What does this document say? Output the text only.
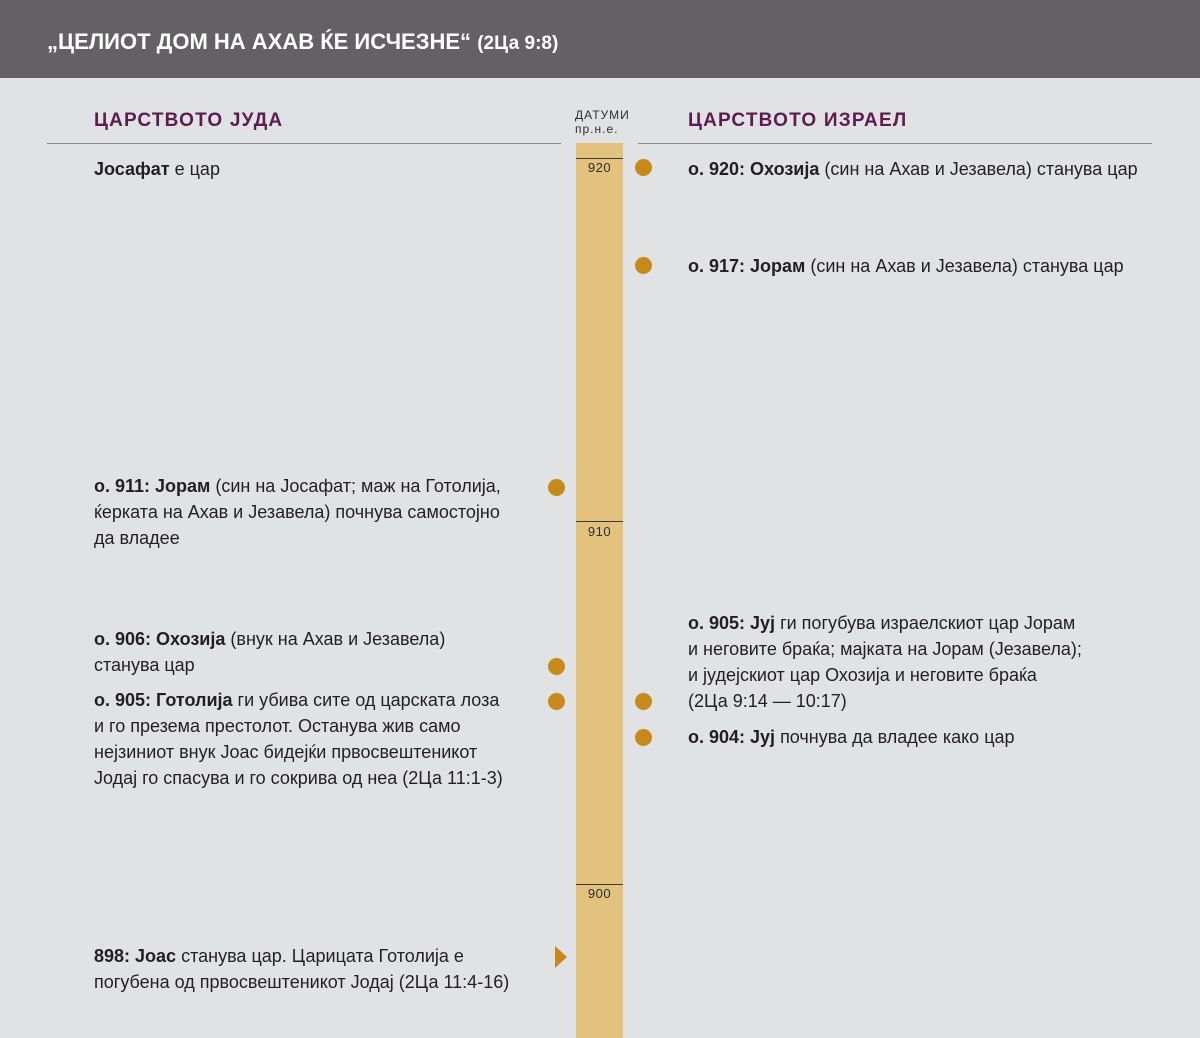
„ЦЕЛИОТ ДОМ НА АХАВ ЌЕ ИСЧЕЗНЕ“ (2Ца 9:8)
ЦАРСТВОТО ЈУДА	ЦАРСТВОТО ИЗРАЕЛ
ДАТУМИ
пр.н.е.
920
910
900
Јосафат е цар
о. 911: Јорам (син на Јосафат; маж на Готолија,
ќерката на Ахав и Језавела) почнува самостојно
да владее
о. 906: Охозија (внук на Ахав и Језавела)
станува цар
о. 905: Готолија ги убива сите од царската лоза
и го презема престолот. Останува жив само
нејзиниот внук Јоас бидејќи првосвештеникот
Јодај го спасува и го сокрива од неа (2Ца 11:1-3)
898: Јоас станува цар. Царицата Готолија е
погубена од првосвештеникот Јодај (2Ца 11:4-16)
о. 920: Охозија (син на Ахав и Језавела) станува цар
о. 917: Јорам (син на Ахав и Језавела) станува цар
о. 905: Јуј ги погубува израелскиот цар Јорам
и неговите браќа; мајката на Јорам (Језавела);
и јудејскиот цар Охозија и неговите браќа
(2Ца 9:14 — 10:17)
о. 904: Јуј почнува да владее како цар
